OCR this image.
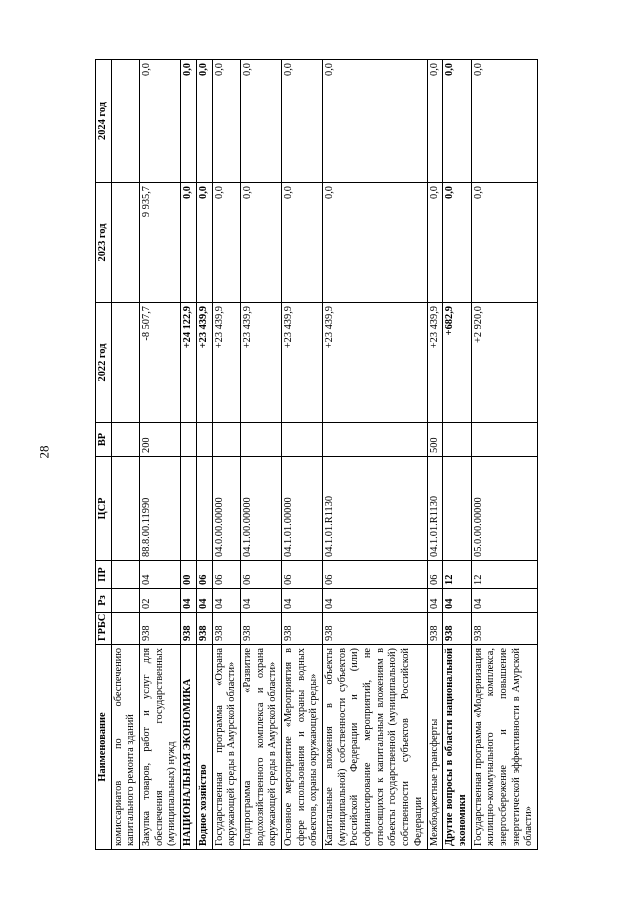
28
Наименование	ГРБС	Рз	ПР	ЦСР	ВР	2022 год	2023 год	2024 год
комиссариатов по обеспечению капитального ремонта зданий								
Закупка товаров, работ и услуг для обеспечения государственных (муниципальных) нужд	938	02	04	88.8.00.11990	200	-8 507,7	9 935,7	0,0
НАЦИОНАЛЬНАЯ ЭКОНОМИКА	938	04	00			+24 122,9	0,0	0,0
Водное хозяйство	938	04	06			+23 439,9	0,0	0,0
Государственная программа «Охрана окружающей среды в Амурской области»	938	04	06	04.0.00.00000		+23 439,9	0,0	0,0
Подпрограмма «Развитие водохозяйственного комплекса и охрана окружающей среды в Амурской области»	938	04	06	04.1.00.00000		+23 439,9	0,0	0,0
Основное мероприятие «Мероприятия в сфере использования и охраны водных объектов, охраны окружающей среды»	938	04	06	04.1.01.00000		+23 439,9	0,0	0,0
Капитальные вложения в объекты (муниципальной) собственности субъектов Российской Федерации и (или) софинансирование мероприятий, не относящихся к капитальным вложениям в объекты государственной (муниципальной) собственности субъектов Российской Федерации	938	04	06	04.1.01.R1130		+23 439,9	0,0	0,0
Межбюджетные трансферты	938	04	06	04.1.01.R1130	500	+23 439,9	0,0	0,0
Другие вопросы в области национальной экономики	938	04	12			+682,9	0,0	0,0
Государственная программа «Модернизация жилищно-коммунального комплекса, энергосбережение и повышение энергетической эффективности в Амурской области»	938	04	12	05.0.00.00000		+2 920,0	0,0	0,0
